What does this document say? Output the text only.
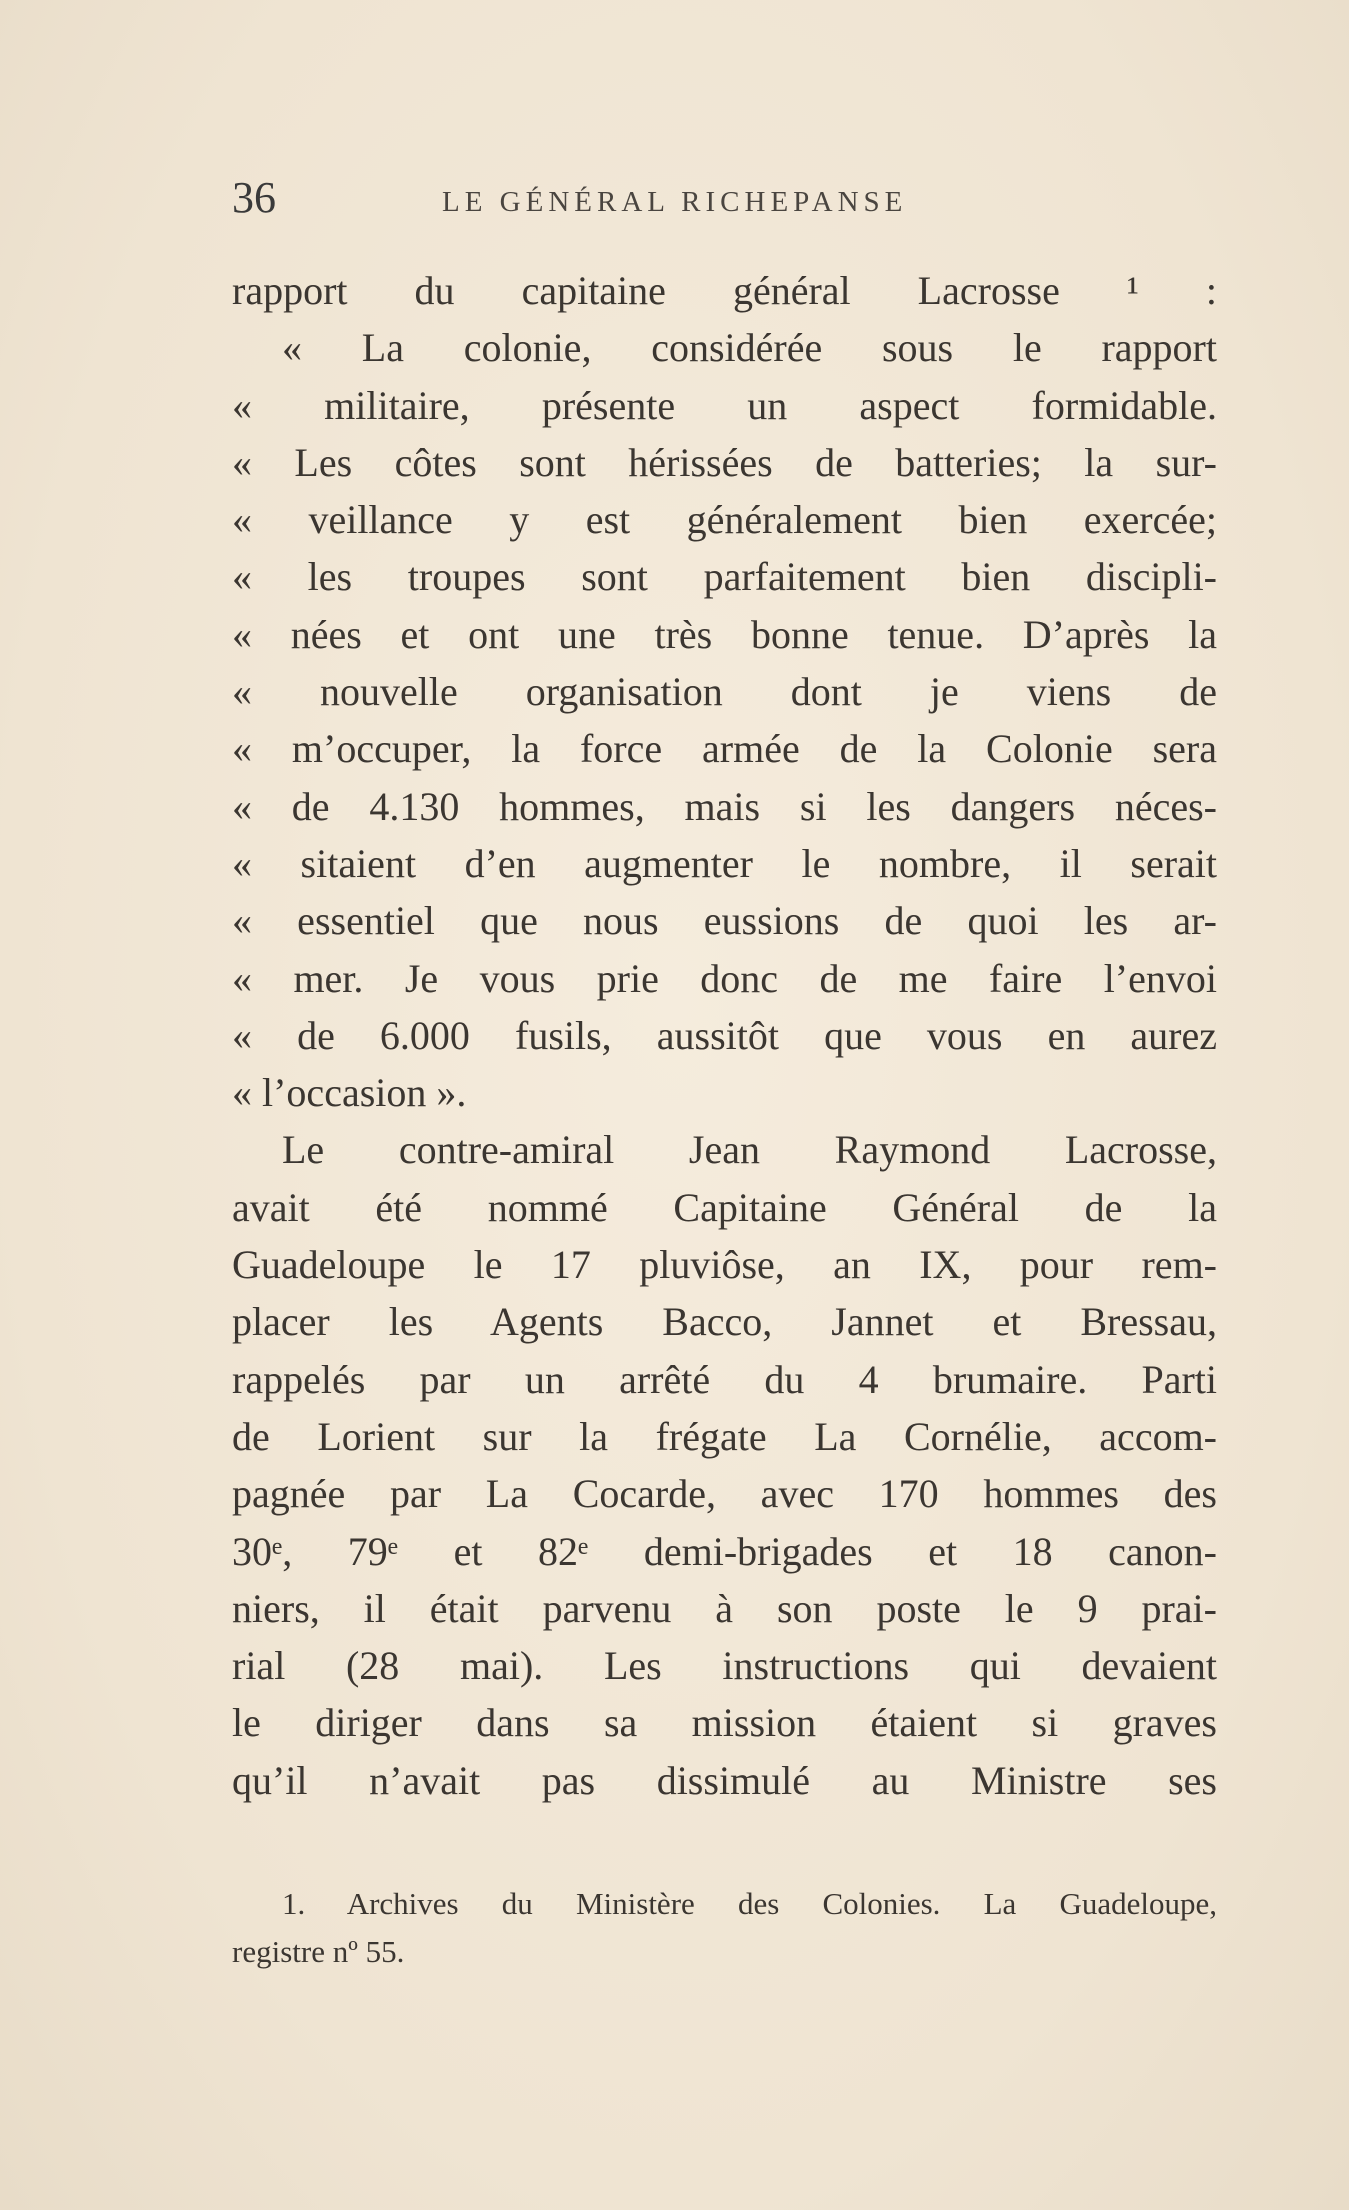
36	LE GÉNÉRAL RICHEPANSE
rapport du capitaine général Lacrosse ¹ :
« La colonie, considérée sous le rapport
« militaire, présente un aspect formidable.
« Les côtes sont hérissées de batteries; la sur-
« veillance y est généralement bien exercée;
« les troupes sont parfaitement bien discipli-
« nées et ont une très bonne tenue. D’après la
« nouvelle organisation dont je viens de
« m’occuper, la force armée de la Colonie sera
« de 4.130 hommes, mais si les dangers néces-
« sitaient d’en augmenter le nombre, il serait
« essentiel que nous eussions de quoi les ar-
« mer. Je vous prie donc de me faire l’envoi
« de 6.000 fusils, aussitôt que vous en aurez
« l’occasion ».
Le contre-amiral Jean Raymond Lacrosse,
avait été nommé Capitaine Général de la
Guadeloupe le 17 pluviôse, an IX, pour rem-
placer les Agents Bacco, Jannet et Bressau,
rappelés par un arrêté du 4 brumaire. Parti
de Lorient sur la frégate La Cornélie, accom-
pagnée par La Cocarde, avec 170 hommes des
30ᵉ, 79ᵉ et 82ᵉ demi-brigades et 18 canon-
niers, il était parvenu à son poste le 9 prai-
rial (28 mai). Les instructions qui devaient
le diriger dans sa mission étaient si graves
qu’il n’avait pas dissimulé au Ministre ses
1. Archives du Ministère des Colonies. La Guadeloupe,
registre nº 55.
